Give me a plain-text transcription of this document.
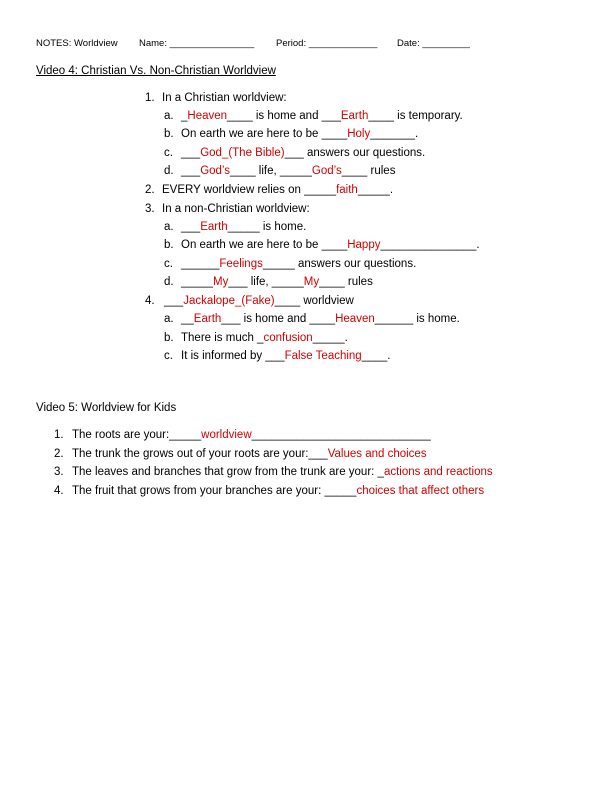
NOTES: Worldview Name: ________________ Period: _____________ Date: _________
Video 4: Christian Vs. Non-Christian Worldview
1. In a Christian worldview:
a. _Heaven____ is home and ___Earth____ is temporary.
b. On earth we are here to be ____Holy_______.
c. ___God_(The Bible)___ answers our questions.
d. ___God’s____ life, _____God’s____ rules
2. EVERY worldview relies on _____faith_____.
3. In a non-Christian worldview:
a. ___Earth_____ is home.
b. On earth we are here to be ____Happy_______________.
c. ______Feelings_____ answers our questions.
d. _____My___ life, _____My____ rules
4. ___Jackalope_(Fake)____ worldview
a. __Earth___ is home and ____Heaven______ is home.
b. There is much _confusion_____.
c. It is informed by ___False Teaching____.
Video 5: Worldview for Kids
1. The roots are your:_____worldview____________________________
2. The trunk the grows out of your roots are your:___Values and choices
3. The leaves and branches that grow from the trunk are your: _actions and reactions
4. The fruit that grows from your branches are your: _____choices that affect others
